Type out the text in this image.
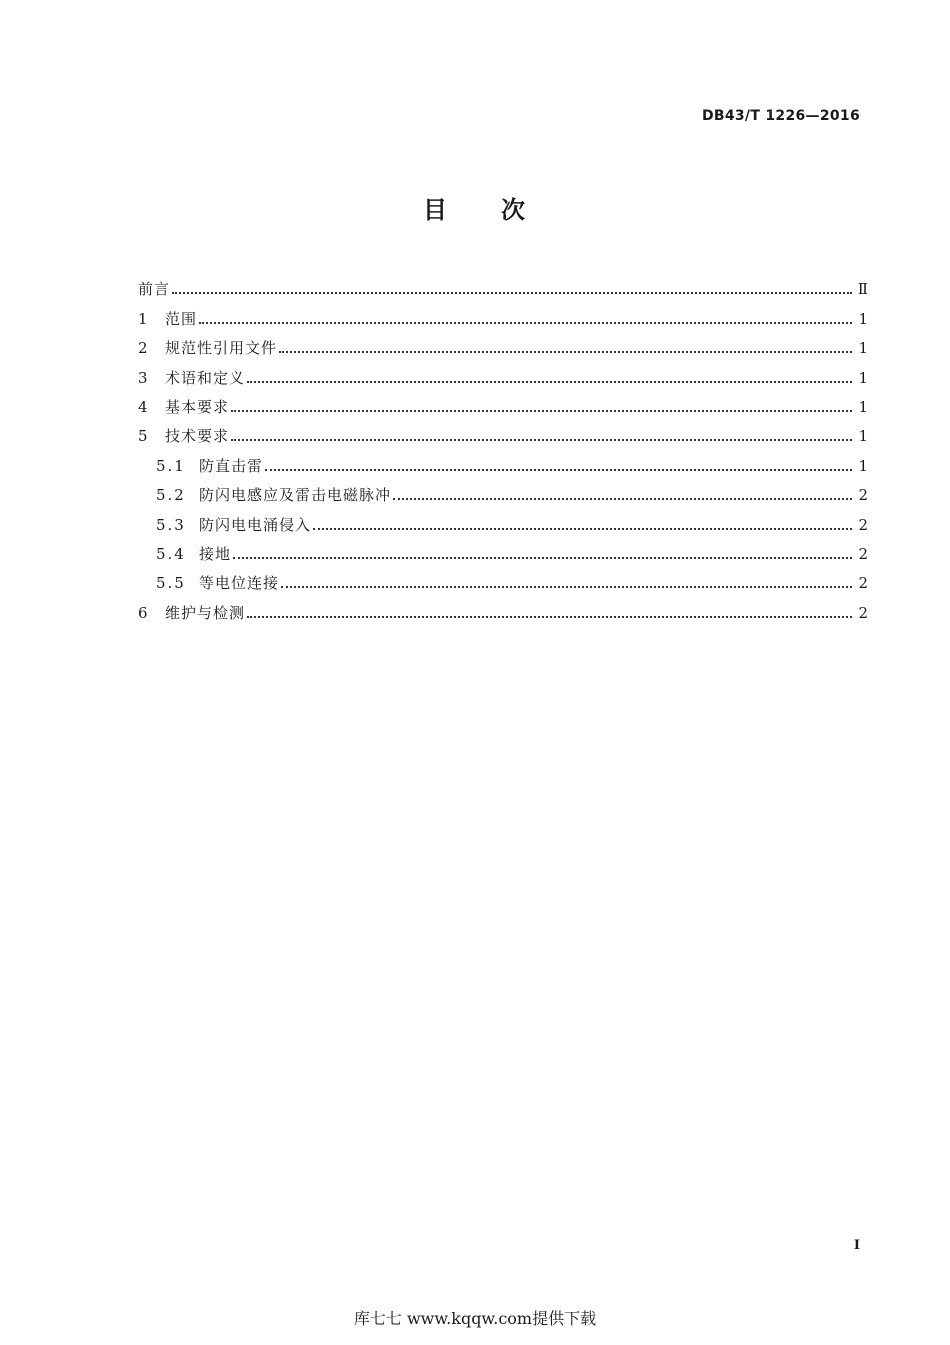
DB43/T 1226—2016
目 次
前言	Ⅱ
1	范围	1
2	规范性引用文件	1
3	术语和定义	1
4	基本要求	1
5	技术要求	1
5.1 防直击雷	1
5.2 防闪电感应及雷击电磁脉冲	2
5.3 防闪电电涌侵入	2
5.4 接地	2
5.5 等电位连接	2
6	维护与检测	2
I
库七七 www.kqqw.com提供下载
